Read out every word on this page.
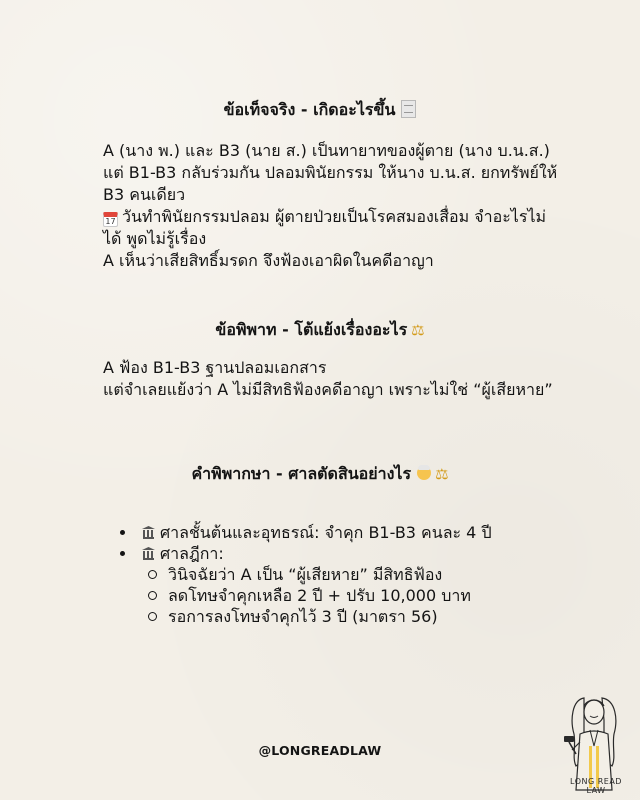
ข้อเท็จจริง - เกิดอะไรขึ้น

A (นาง พ.) และ B3 (นาย ส.) เป็นทายาทของผู้ตาย (นาง บ.น.ส.)

แต่ B1-B3 กลับร่วมกัน ปลอมพินัยกรรม ให้นาง บ.น.ส. ยกทรัพย์ให้ B3 คนเดียว

17 วันทำพินัยกรรมปลอม ผู้ตายป่วยเป็นโรคสมองเสื่อม จำอะไรไม่ได้ พูดไม่รู้เรื่อง

A เห็นว่าเสียสิทธิ์มรดก จึงฟ้องเอาผิดในคดีอาญา

ข้อพิพาท - โต้แย้งเรื่องอะไร ⚖

A ฟ้อง B1-B3 ฐานปลอมเอกสาร

แต่จำเลยแย้งว่า A ไม่มีสิทธิฟ้องคดีอาญา เพราะไม่ใช่ “ผู้เสียหาย”

คำพิพากษา - ศาลตัดสินอย่างไร ⚖
ศาลชั้นต้นและอุทธรณ์: จำคุก B1-B3 คนละ 4 ปี
ศาลฎีกา:
วินิจฉัยว่า A เป็น “ผู้เสียหาย” มีสิทธิฟ้อง
ลดโทษจำคุกเหลือ 2 ปี + ปรับ 10,000 บาท
รอการลงโทษจำคุกไว้ 3 ปี (มาตรา 56)
@LONGREADLAW
LONG READ
LAW
